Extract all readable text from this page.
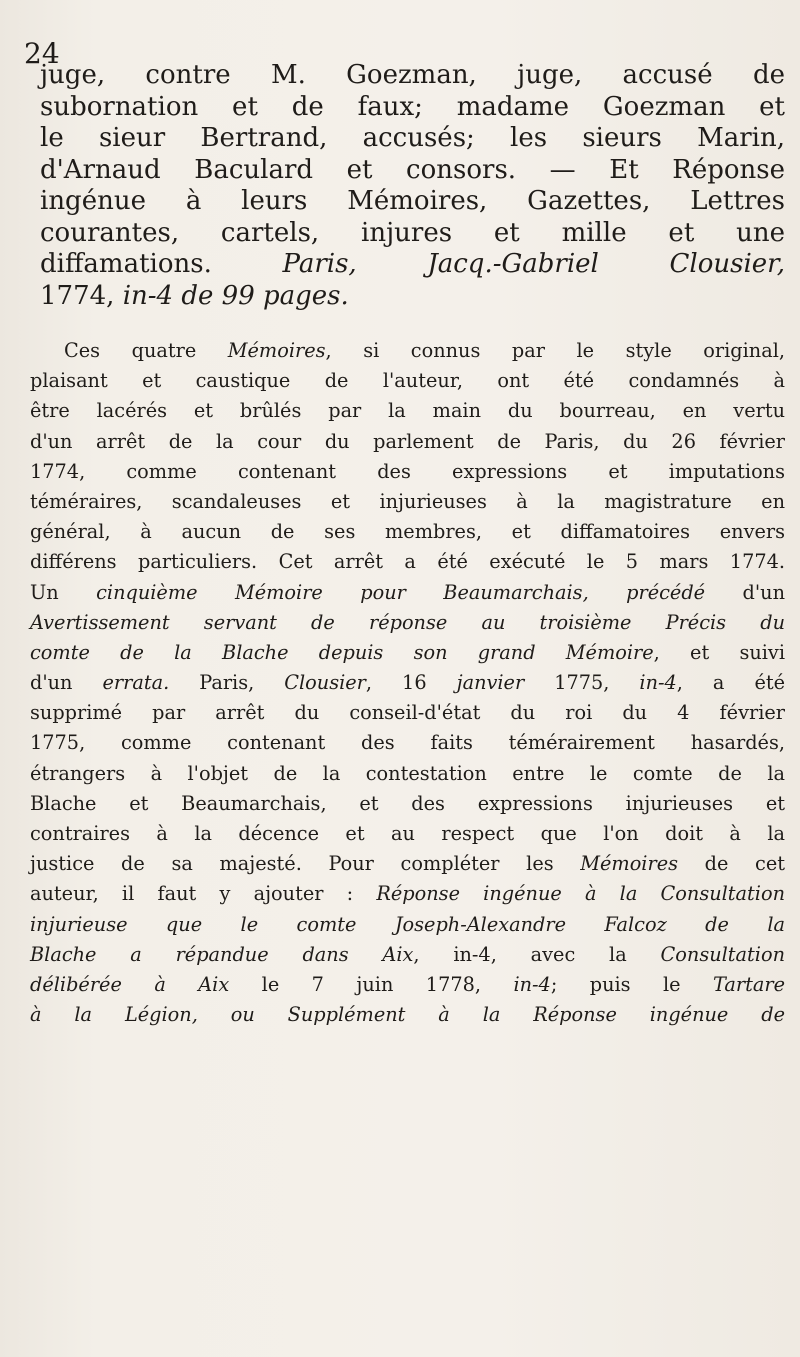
24
juge, contre M. Goezman, juge, accusé de
subornation et de faux; madame Goezman et
le sieur Bertrand, accusés; les sieurs Marin,
d'Arnaud Baculard et consors. — Et Réponse
ingénue à leurs Mémoires, Gazettes, Lettres
courantes, cartels, injures et mille et une
diffamations. Paris, Jacq.-Gabriel Clousier,
1774, in-4 de 99 pages.
Ces quatre Mémoires, si connus par le style original,
plaisant et caustique de l'auteur, ont été condamnés à
être lacérés et brûlés par la main du bourreau, en vertu
d'un arrêt de la cour du parlement de Paris, du 26 février
1774, comme contenant des expressions et imputations
téméraires, scandaleuses et injurieuses à la magistrature en
général, à aucun de ses membres, et diffamatoires envers
différens particuliers. Cet arrêt a été exécuté le 5 mars 1774.
Un cinquième Mémoire pour Beaumarchais, précédé d'un
Avertissement servant de réponse au troisième Précis du
comte de la Blache depuis son grand Mémoire, et suivi
d'un errata. Paris, Clousier, 16 janvier 1775, in-4, a été
supprimé par arrêt du conseil-d'état du roi du 4 février
1775, comme contenant des faits témérairement hasardés,
étrangers à l'objet de la contestation entre le comte de la
Blache et Beaumarchais, et des expressions injurieuses et
contraires à la décence et au respect que l'on doit à la
justice de sa majesté. Pour compléter les Mémoires de cet
auteur, il faut y ajouter : Réponse ingénue à la Consultation
injurieuse que le comte Joseph-Alexandre Falcoz de la
Blache a répandue dans Aix, in-4, avec la Consultation
délibérée à Aix le 7 juin 1778, in-4; puis le Tartare
à la Légion, ou Supplément à la Réponse ingénue de
